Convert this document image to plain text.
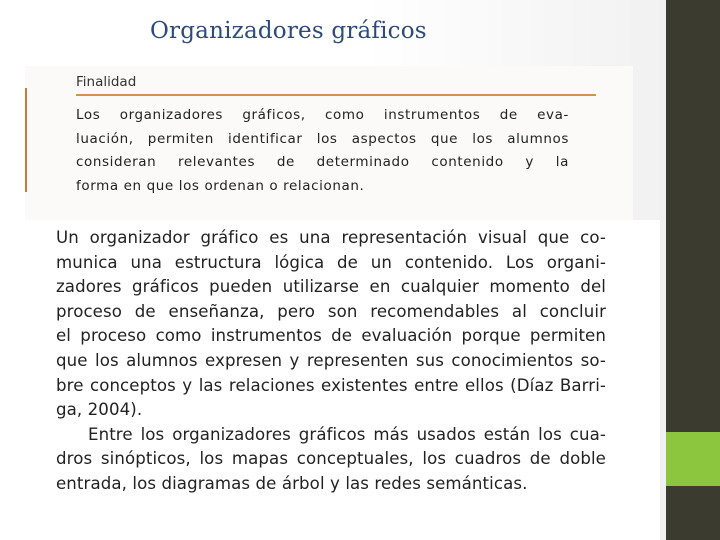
Organizadores gráficos
Finalidad
Los organizadores gráficos, como instrumentos de eva-
luación, permiten identificar los aspectos que los alumnos
consideran relevantes de determinado contenido y la
forma en que los ordenan o relacionan.
Un organizador gráfico es una representación visual que co-
munica una estructura lógica de un contenido. Los organi-
zadores gráficos pueden utilizarse en cualquier momento del
proceso de enseñanza, pero son recomendables al concluir
el proceso como instrumentos de evaluación porque permiten
que los alumnos expresen y representen sus conocimientos so-
bre conceptos y las relaciones existentes entre ellos (Díaz Barri-
ga, 2004).
Entre los organizadores gráficos más usados están los cua-
dros sinópticos, los mapas conceptuales, los cuadros de doble
entrada, los diagramas de árbol y las redes semánticas.
